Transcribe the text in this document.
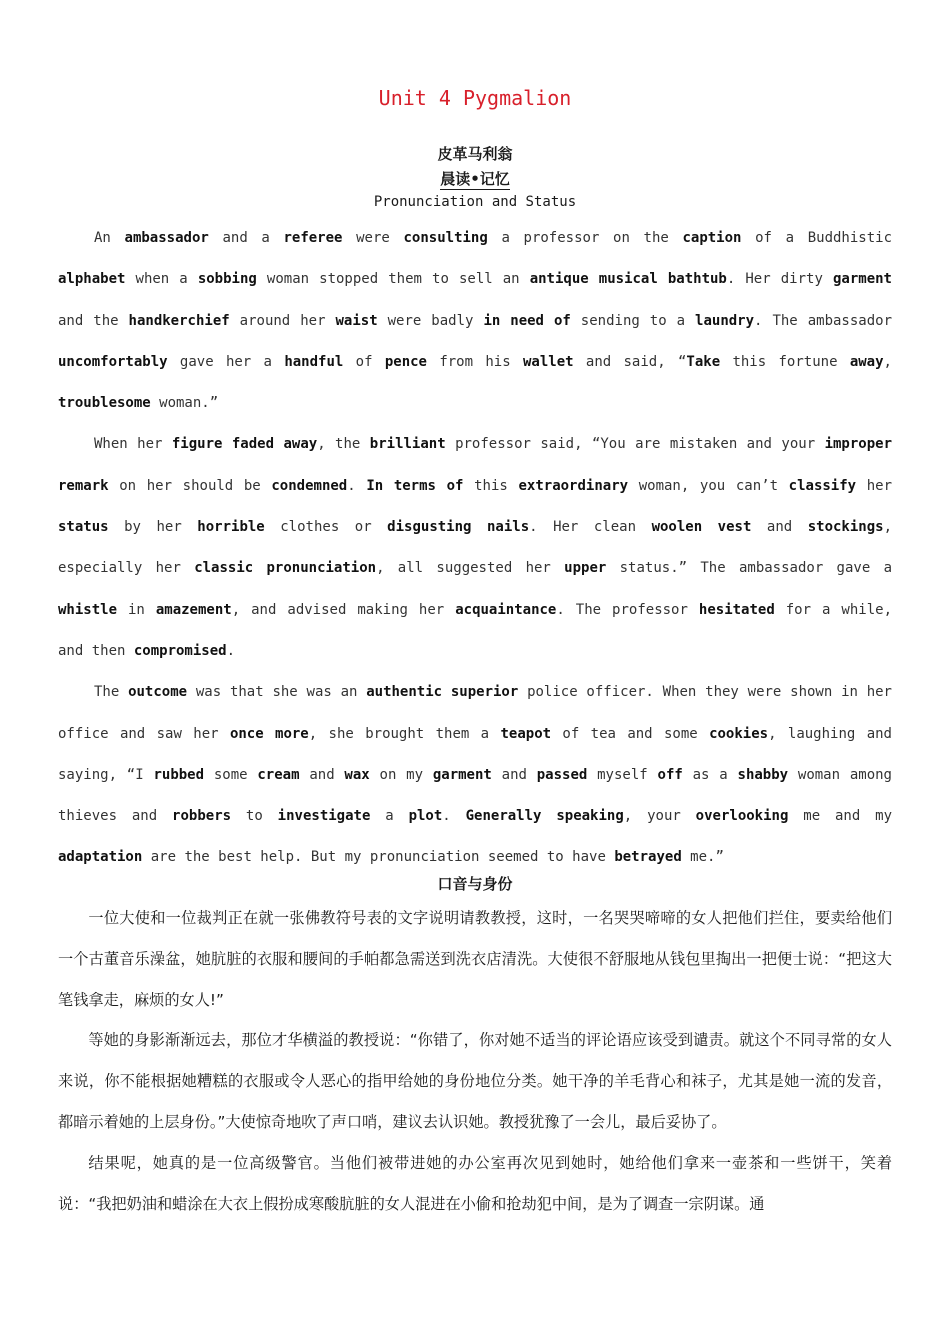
Unit 4 Pygmalion
皮革马利翁
晨读•记忆
Pronunciation and Status

An ambassador and a referee were consulting a professor on the caption of a Buddhistic alphabet when a sobbing woman stopped them to sell an antique musical bathtub. Her dirty garment and the handkerchief around her waist were badly in need of sending to a laundry. The ambassador uncomfortably gave her a handful of pence from his wallet and said, “Take this fortune away, troublesome woman.”

When her figure faded away, the brilliant professor said, “You are mistaken and your improper remark on her should be condemned. In terms of this extraordinary woman, you can’t classify her status by her horrible clothes or disgusting nails. Her clean woolen vest and stockings, especially her classic pronunciation, all suggested her upper status.” The ambassador gave a whistle in amazement, and advised making her acquaintance. The professor hesitated for a while, and then compromised.

The outcome was that she was an authentic superior police officer. When they were shown in her office and saw her once more, she brought them a teapot of tea and some cookies, laughing and saying, “I rubbed some cream and wax on my garment and passed myself off as a shabby woman among thieves and robbers to investigate a plot. Generally speaking, your overlooking me and my adaptation are the best help. But my pronunciation seemed to have betrayed me.”

口音与身份

一位大使和一位裁判正在就一张佛教符号表的文字说明请教教授，这时，一名哭哭啼啼的女人把他们拦住，要卖给他们一个古董音乐澡盆，她肮脏的衣服和腰间的手帕都急需送到洗衣店清洗。大使很不舒服地从钱包里掏出一把便士说：“把这大笔钱拿走，麻烦的女人!”

等她的身影渐渐远去，那位才华横溢的教授说：“你错了，你对她不适当的评论语应该受到谴责。就这个不同寻常的女人来说，你不能根据她糟糕的衣服或令人恶心的指甲给她的身份地位分类。她干净的羊毛背心和袜子，尤其是她一流的发音，都暗示着她的上层身份。”大使惊奇地吹了声口哨，建议去认识她。教授犹豫了一会儿，最后妥协了。

结果呢，她真的是一位高级警官。当他们被带进她的办公室再次见到她时，她给他们拿来一壶茶和一些饼干，笑着说：“我把奶油和蜡涂在大衣上假扮成寒酸肮脏的女人混进在小偷和抢劫犯中间，是为了调查一宗阴谋。通
